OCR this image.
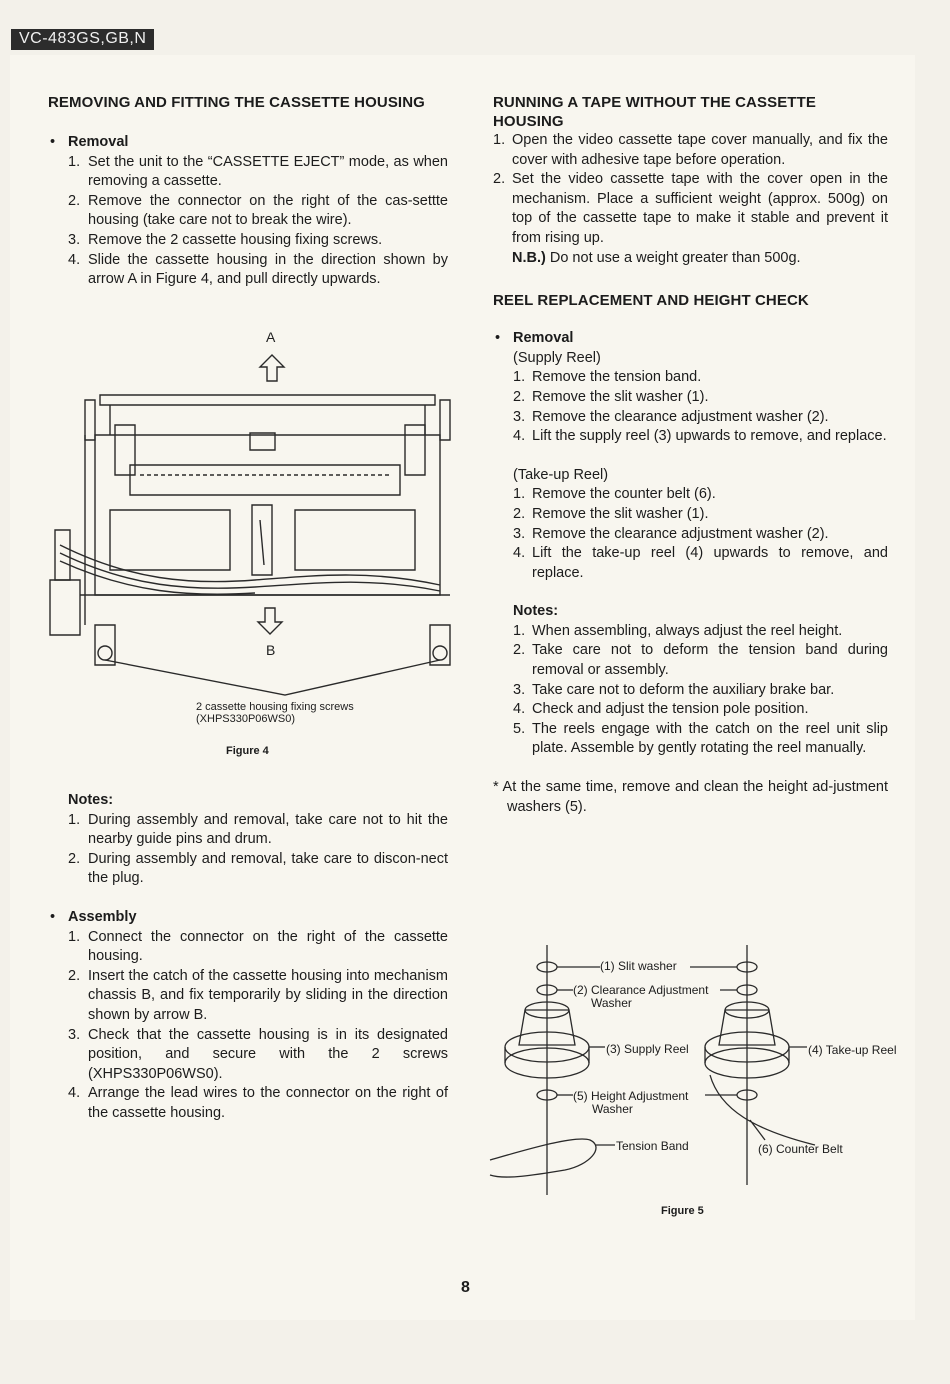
VC-483GS,GB,N
REMOVING AND FITTING THE CASSETTE HOUSING
• Removal
1. Set the unit to the “CASSETTE EJECT” mode, as when removing a cassette.
2. Remove the connector on the right of the cas-settte housing (take care not to break the wire).
3. Remove the 2 cassette housing fixing screws.
4. Slide the cassette housing in the direction shown by arrow A in Figure 4, and pull directly upwards.
A
B
2 cassette housing fixing screws
(XHPS330P06WS0)
Figure 4
Notes:
1. During assembly and removal, take care not to hit the nearby guide pins and drum.
2. During assembly and removal, take care to discon-nect the plug.
• Assembly
1. Connect the connector on the right of the cassette housing.
2. Insert the catch of the cassette housing into mechanism chassis B, and fix temporarily by sliding in the direction shown by arrow B.
3. Check that the cassette housing is in its designated position, and secure with the 2 screws (XHPS330P06WS0).
4. Arrange the lead wires to the connector on the right of the cassette housing.
RUNNING A TAPE WITHOUT THE CASSETTE HOUSING
1. Open the video cassette tape cover manually, and fix the cover with adhesive tape before operation.
2. Set the video cassette tape with the cover open in the mechanism. Place a sufficient weight (approx. 500g) on top of the cassette tape to make it stable and prevent it from rising up.
N.B.) Do not use a weight greater than 500g.
REEL REPLACEMENT AND HEIGHT CHECK
• Removal
(Supply Reel)
1. Remove the tension band.
2. Remove the slit washer (1).
3. Remove the clearance adjustment washer (2).
4. Lift the supply reel (3) upwards to remove, and replace.
(Take-up Reel)
1. Remove the counter belt (6).
2. Remove the slit washer (1).
3. Remove the clearance adjustment washer (2).
4. Lift the take-up reel (4) upwards to remove, and replace.
Notes:
1. When assembling, always adjust the reel height.
2. Take care not to deform the tension band during removal or assembly.
3. Take care not to deform the auxiliary brake bar.
4. Check and adjust the tension pole position.
5. The reels engage with the catch on the reel unit slip plate. Assemble by gently rotating the reel manually.
* At the same time, remove and clean the height ad-justment washers (5).
(1) Slit washer
(2) Clearance Adjustment
Washer
(3) Supply Reel	(4) Take-up Reel
(5) Height Adjustment
Washer
Tension Band	(6) Counter Belt
Figure 5
8
